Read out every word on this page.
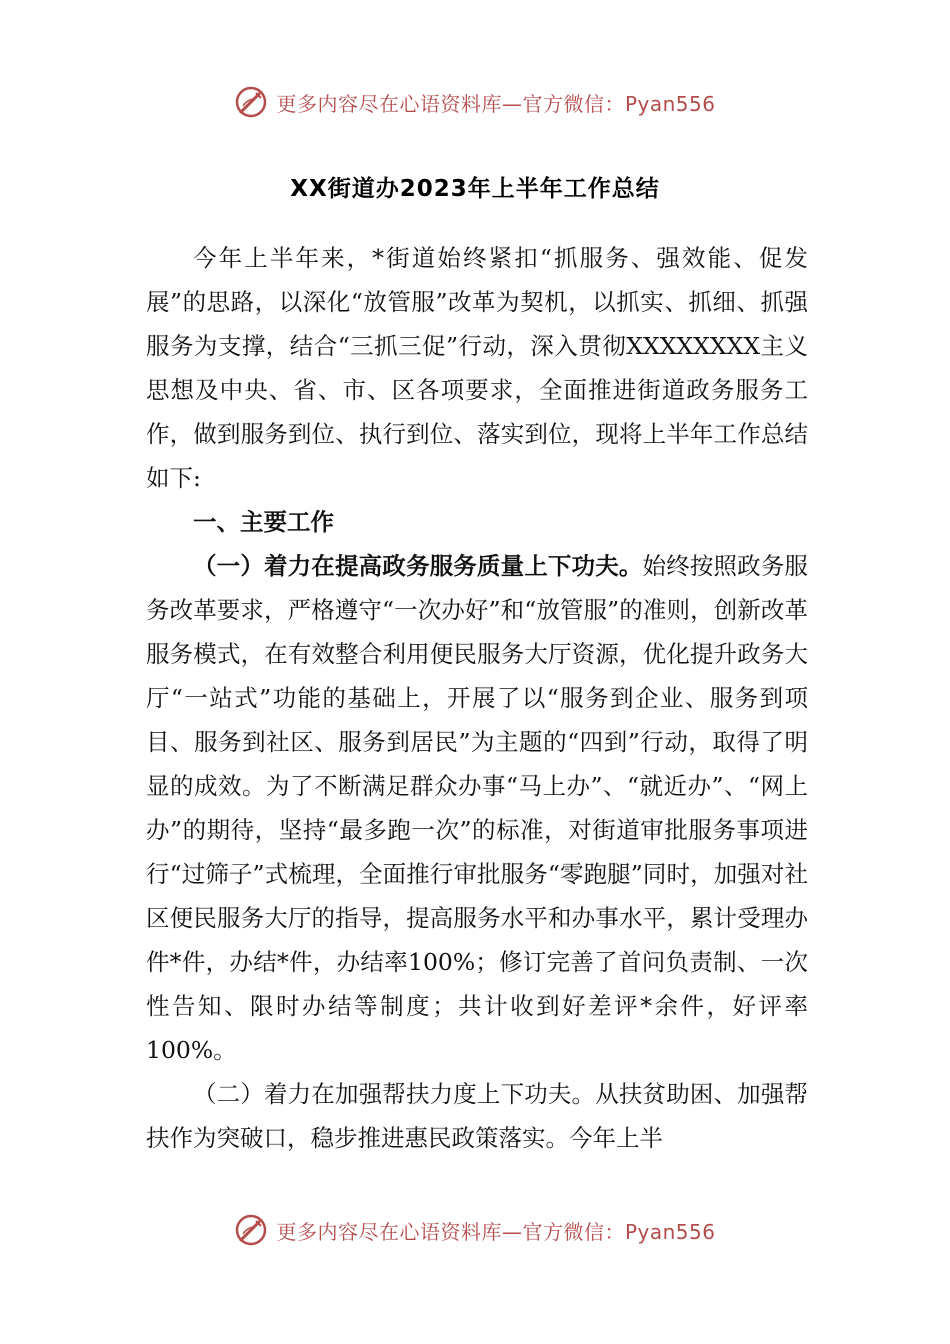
更多内容尽在心语资料库—官方微信：Pyan556
XX街道办2023年上半年工作总结

今年上半年来，*街道始终紧扣“抓服务、强效能、促发展”的思路，以深化“放管服”改革为契机，以抓实、抓细、抓强服务为支撑，结合“三抓三促”行动，深入贯彻XXXXXXXX主义思想及中央、省、市、区各项要求，全面推进街道政务服务工作，做到服务到位、执行到位、落实到位，现将上半年工作总结如下:

一、主要工作

（一）着力在提高政务服务质量上下功夫。始终按照政务服务改革要求，严格遵守“一次办好”和“放管服”的准则，创新改革服务模式，在有效整合利用便民服务大厅资源，优化提升政务大厅“一站式”功能的基础上，开展了以“服务到企业、服务到项目、服务到社区、服务到居民”为主题的“四到”行动，取得了明显的成效。为了不断满足群众办事“马上办”、“就近办”、“网上办”的期待，坚持“最多跑一次”的标准，对街道审批服务事项进行“过筛子”式梳理，全面推行审批服务“零跑腿”同时，加强对社区便民服务大厅的指导，提高服务水平和办事水平，累计受理办件*件，办结*件，办结率100%；修订完善了首问负责制、一次性告知、限时办结等制度；共计收到好差评*余件，好评率100%。

（二）着力在加强帮扶力度上下功夫。从扶贫助困、加强帮扶作为突破口，稳步推进惠民政策落实。今年上半

更多内容尽在心语资料库—官方微信：Pyan556
